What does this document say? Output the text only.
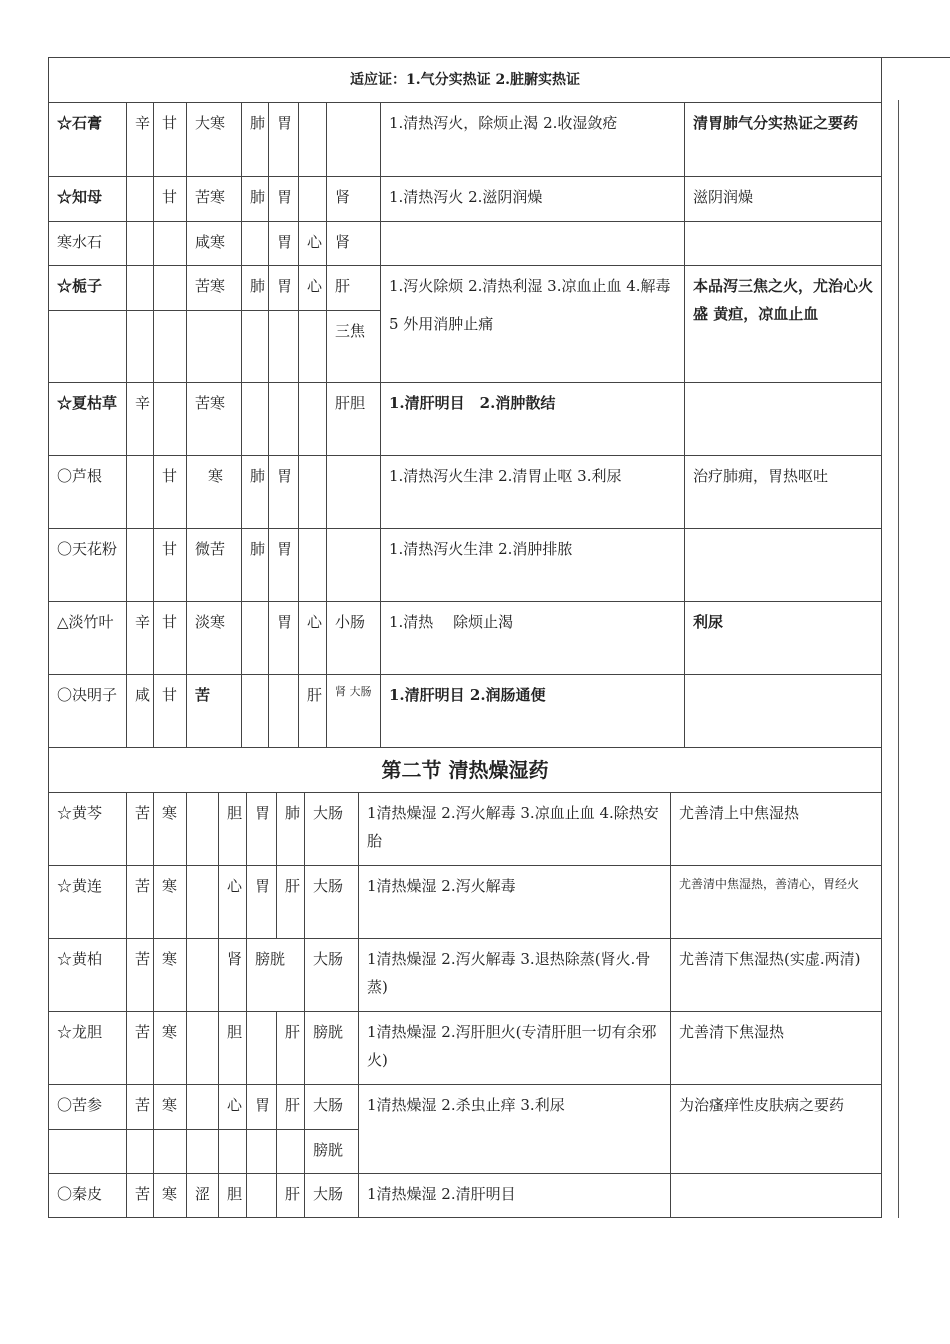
适应证：1.气分实热证 2.脏腑实热证									
☆石膏	辛	甘	大寒	肺	胃			1.清热泻火，除烦止渴 2.收湿敛疮	清胃肺气分实热证之要药
☆知母		甘	苦寒	肺	胃		肾	1.清热泻火 2.滋阴润燥	滋阴润燥
寒水石			咸寒		胃	心	肾		
☆栀子			苦寒	肺	胃	心	肝	1.泻火除烦 2.清热利湿 3.凉血止血 4.解毒
5 外用消肿止痛	本品泻三焦之火，尤治心火盛 黄疸，凉血止血
							三焦		
☆夏枯草	辛		苦寒				肝胆	1.清肝明目　2.消肿散结	
〇芦根		甘	寒	肺	胃			1.清热泻火生津 2.清胃止呕 3.利尿	治疗肺痈，胃热呕吐
〇天花粉		甘	微苦	肺	胃			1.清热泻火生津 2.消肿排脓	
△淡竹叶	辛	甘	淡寒		胃	心	小肠	1.清热　 除烦止渴	利尿
〇决明子	咸	甘	苦			肝	肾 大肠	1.清肝明目 2.润肠通便	
第二节 清热燥湿药									
☆黄芩	苦	寒		胆	胃	肺	大肠	1清热燥湿 2.泻火解毒 3.凉血止血 4.除热安胎	尤善清上中焦湿热
☆黄连	苦	寒		心	胃	肝	大肠	1清热燥湿 2.泻火解毒	尤善清中焦湿热，善清心，胃经火
☆黄柏	苦	寒		肾	膀胱		大肠	1清热燥湿 2.泻火解毒 3.退热除蒸(肾火.骨蒸)	尤善清下焦湿热(实虚.两清)
☆龙胆	苦	寒		胆		肝	膀胱	1清热燥湿 2.泻肝胆火(专清肝胆一切有余邪火)	尤善清下焦湿热
〇苦参	苦	寒		心	胃	肝	大肠	1清热燥湿 2.杀虫止痒 3.利尿	为治瘙痒性皮肤病之要药
							膀胱		
〇秦皮	苦	寒	涩	胆		肝	大肠	1清热燥湿 2.清肝明目	
